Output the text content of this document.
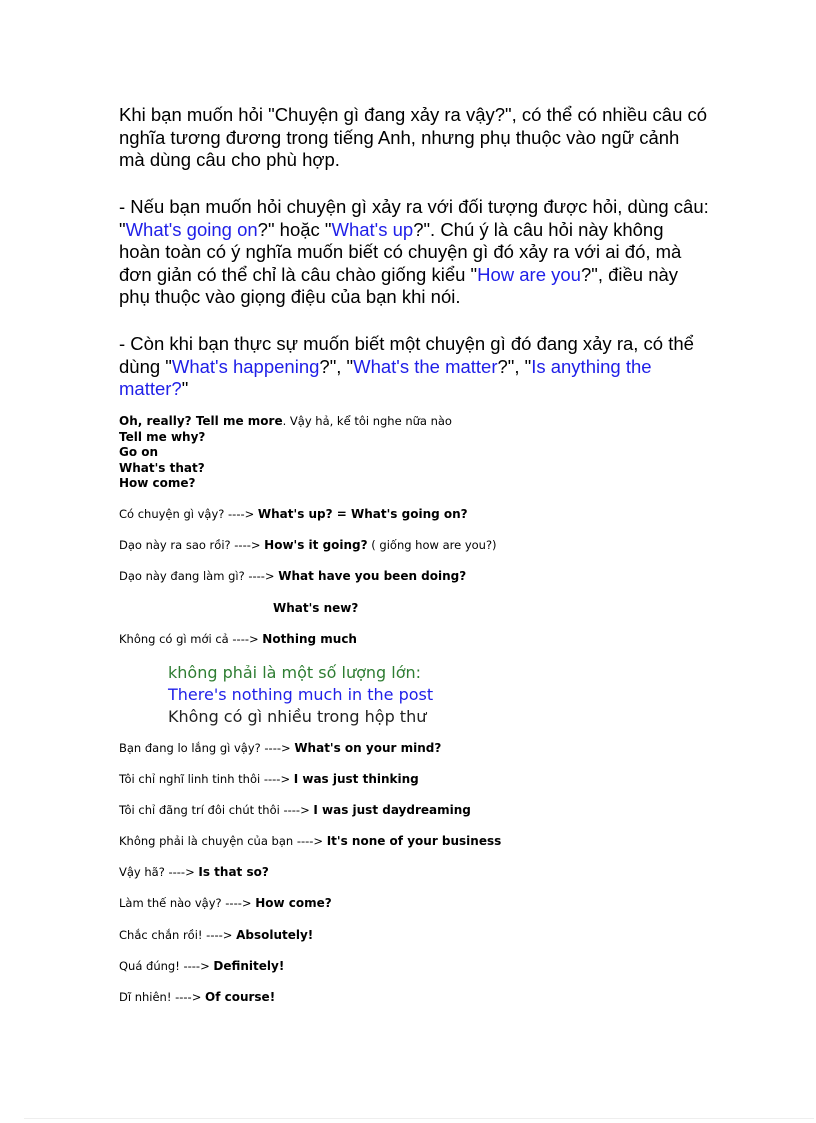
Khi bạn muốn hỏi "Chuyện gì đang xảy ra vậy?", có thể có nhiều câu có nghĩa tương đương trong tiếng Anh, nhưng phụ thuộc vào ngữ cảnh mà dùng câu cho phù hợp.
- Nếu bạn muốn hỏi chuyện gì xảy ra với đối tượng được hỏi, dùng câu: "What's going on?" hoặc "What's up?". Chú ý là câu hỏi này không hoàn toàn có ý nghĩa muốn biết có chuyện gì đó xảy ra với ai đó, mà đơn giản có thể chỉ là câu chào giống kiểu "How are you?", điều này phụ thuộc vào giọng điệu của bạn khi nói.
- Còn khi bạn thực sự muốn biết một chuyện gì đó đang xảy ra, có thể dùng "What's happening?", "What's the matter?", "Is anything the matter?"
Oh, really? Tell me more. Vậy hả, kể tôi nghe nữa nào
Tell me why?
Go on
What's that?
How come?
Có chuyện gì vậy? ----> What's up? = What's going on?
Dạo này ra sao rồi? ----> How's it going? ( giống how are you?)
Dạo này đang làm gì? ----> What have you been doing?
What's new?
Không có gì mới cả ----> Nothing much
không phải là một số lượng lớn:
There's nothing much in the post
Không có gì nhiều trong hộp thư
Bạn đang lo lắng gì vậy? ----> What's on your mind?
Tôi chỉ nghĩ linh tinh thôi ----> I was just thinking
Tôi chỉ đãng trí đôi chút thôi ----> I was just daydreaming
Không phải là chuyện của bạn ----> It's none of your business
Vậy hã? ----> Is that so?
Làm thế nào vậy? ----> How come?
Chắc chắn rồi! ----> Absolutely!
Quá đúng! ----> Definitely!
Dĩ nhiên! ----> Of course!
